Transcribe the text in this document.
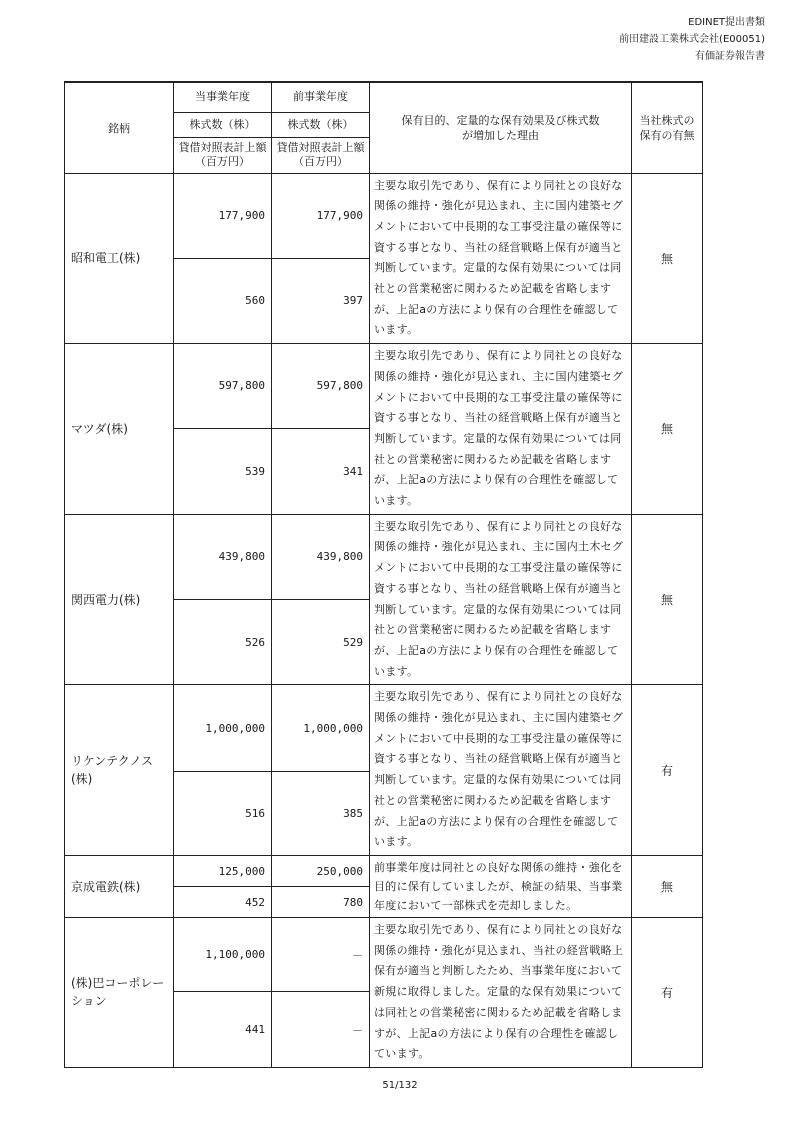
EDINET提出書類
前田建設工業株式会社(E00051)
有価証券報告書
銘柄	当事業年度	前事業年度	保有目的、定量的な保有効果及び株式数が増加した理由	当社株式の保有の有無

	株式数（株）	株式数（株）		

	貸借対照表計上額（百万円）	貸借対照表計上額（百万円）		

昭和電工(株)	177,900	177,900	主要な取引先であり、保有により同社との良好な関係の維持・強化が見込まれ、主に国内建築セグメントにおいて中長期的な工事受注量の確保等に資する事となり、当社の経営戦略上保有が適当と判断しています。定量的な保有効果については同社との営業秘密に関わるため記載を省略しますが、上記aの方法により保有の合理性を確認しています。	無
	560	397		
マツダ(株)	597,800	597,800	主要な取引先であり、保有により同社との良好な関係の維持・強化が見込まれ、主に国内建築セグメントにおいて中長期的な工事受注量の確保等に資する事となり、当社の経営戦略上保有が適当と判断しています。定量的な保有効果については同社との営業秘密に関わるため記載を省略しますが、上記aの方法により保有の合理性を確認しています。	無
	539	341		
関西電力(株)	439,800	439,800	主要な取引先であり、保有により同社との良好な関係の維持・強化が見込まれ、主に国内土木セグメントにおいて中長期的な工事受注量の確保等に資する事となり、当社の経営戦略上保有が適当と判断しています。定量的な保有効果については同社との営業秘密に関わるため記載を省略しますが、上記aの方法により保有の合理性を確認しています。	無
	526	529		
リケンテクノス(株)	1,000,000	1,000,000	主要な取引先であり、保有により同社との良好な関係の維持・強化が見込まれ、主に国内建築セグメントにおいて中長期的な工事受注量の確保等に資する事となり、当社の経営戦略上保有が適当と判断しています。定量的な保有効果については同社との営業秘密に関わるため記載を省略しますが、上記aの方法により保有の合理性を確認しています。	有
	516	385		
京成電鉄(株)	125,000	250,000	前事業年度は同社との良好な関係の維持・強化を目的に保有していましたが、検証の結果、当事業年度において一部株式を売却しました。	無
	452	780		
(株)巴コーポレーション	1,100,000	－	主要な取引先であり、保有により同社との良好な関係の維持・強化が見込まれ、当社の経営戦略上保有が適当と判断したため、当事業年度において新規に取得しました。定量的な保有効果については同社との営業秘密に関わるため記載を省略しますが、上記aの方法により保有の合理性を確認しています。	有
	441	－		
51/132
